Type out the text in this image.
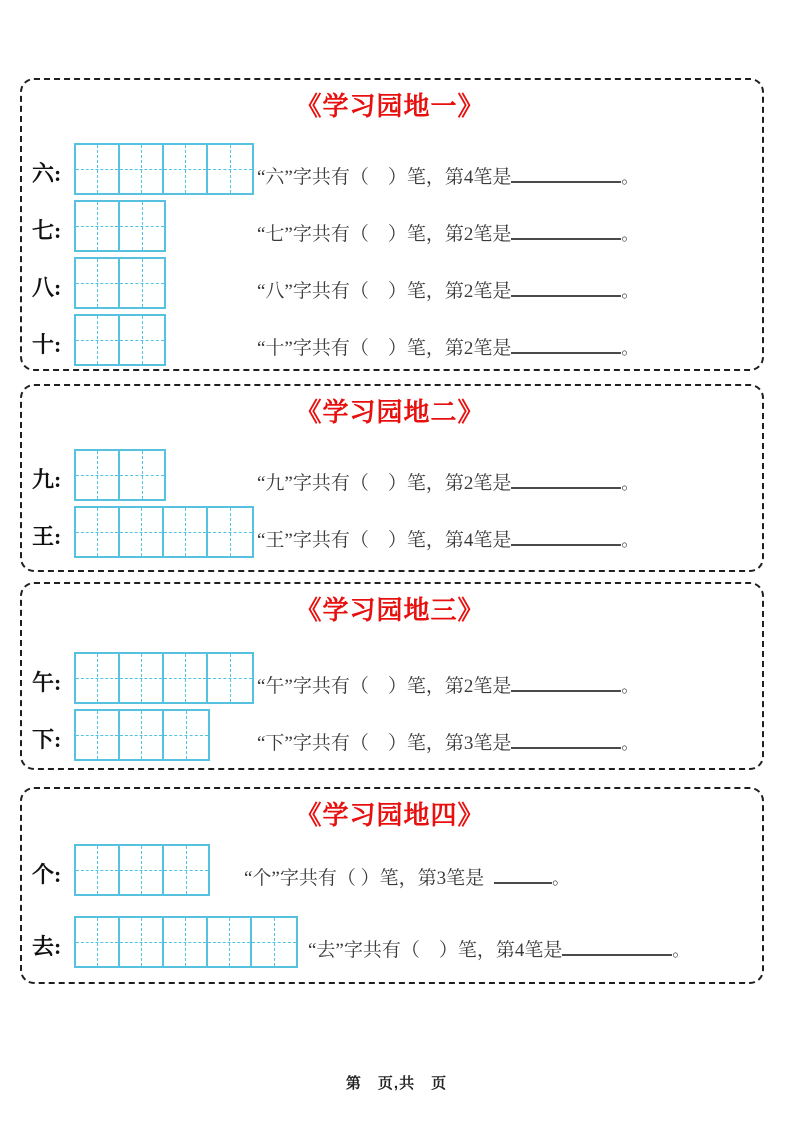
《学习园地一》
六:	“六”字共有（　）笔，第4笔是	。
七:	“七”字共有（　）笔，第2笔是	。
八:	“八”字共有（　）笔，第2笔是	。
十:	“十”字共有（　）笔，第2笔是	。
《学习园地二》
九:	“九”字共有（　）笔，第2笔是	。
王:	“王”字共有（　）笔，第4笔是	。
《学习园地三》
午:	“午”字共有（　）笔，第2笔是	。
下:	“下”字共有（　）笔，第3笔是	。
《学习园地四》
个:	“个”字共有（ ）笔，第3笔是	。
去:	“去”字共有（　）笔，第4笔是	。
第　页,共　页
